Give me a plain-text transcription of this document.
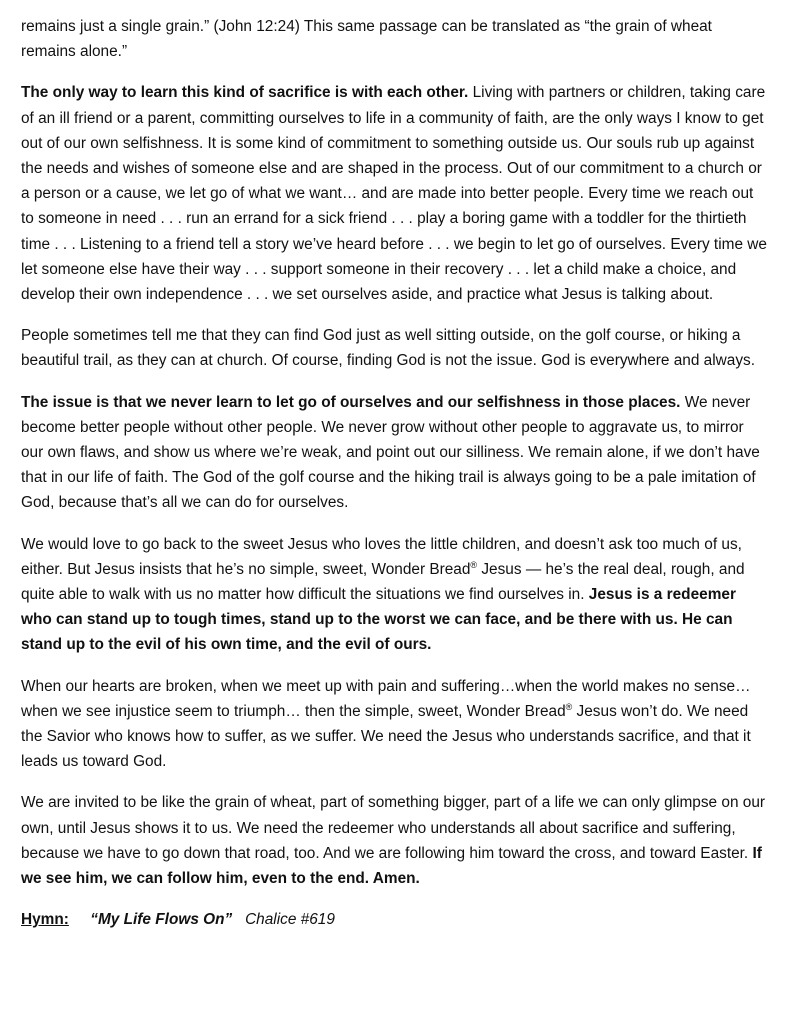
remains just a single grain.” (John 12:24) This same passage can be translated as “the grain of wheat remains alone.”

The only way to learn this kind of sacrifice is with each other. Living with partners or children, taking care of an ill friend or a parent, committing ourselves to life in a community of faith, are the only ways I know to get out of our own selfishness. It is some kind of commitment to something outside us. Our souls rub up against the needs and wishes of someone else and are shaped in the process. Out of our commitment to a church or a person or a cause, we let go of what we want… and are made into better people. Every time we reach out to someone in need . . . run an errand for a sick friend . . . play a boring game with a toddler for the thirtieth time . . . Listening to a friend tell a story we’ve heard before . . . we begin to let go of ourselves. Every time we let someone else have their way . . . support someone in their recovery . . . let a child make a choice, and develop their own independence . . . we set ourselves aside, and practice what Jesus is talking about.

People sometimes tell me that they can find God just as well sitting outside, on the golf course, or hiking a beautiful trail, as they can at church. Of course, finding God is not the issue. God is everywhere and always.

The issue is that we never learn to let go of ourselves and our selfishness in those places. We never become better people without other people. We never grow without other people to aggravate us, to mirror our own flaws, and show us where we’re weak, and point out our silliness. We remain alone, if we don’t have that in our life of faith. The God of the golf course and the hiking trail is always going to be a pale imitation of God, because that’s all we can do for ourselves.

We would love to go back to the sweet Jesus who loves the little children, and doesn’t ask too much of us, either. But Jesus insists that he’s no simple, sweet, Wonder Bread® Jesus — he’s the real deal, rough, and quite able to walk with us no matter how difficult the situations we find ourselves in. Jesus is a redeemer who can stand up to tough times, stand up to the worst we can face, and be there with us. He can stand up to the evil of his own time, and the evil of ours.

When our hearts are broken, when we meet up with pain and suffering…when the world makes no sense… when we see injustice seem to triumph… then the simple, sweet, Wonder Bread® Jesus won’t do. We need the Savior who knows how to suffer, as we suffer. We need the Jesus who understands sacrifice, and that it leads us toward God.

We are invited to be like the grain of wheat, part of something bigger, part of a life we can only glimpse on our own, until Jesus shows it to us. We need the redeemer who understands all about sacrifice and suffering, because we have to go down that road, too. And we are following him toward the cross, and toward Easter. If we see him, we can follow him, even to the end. Amen.

Hymn: “My Life Flows On” Chalice #619
